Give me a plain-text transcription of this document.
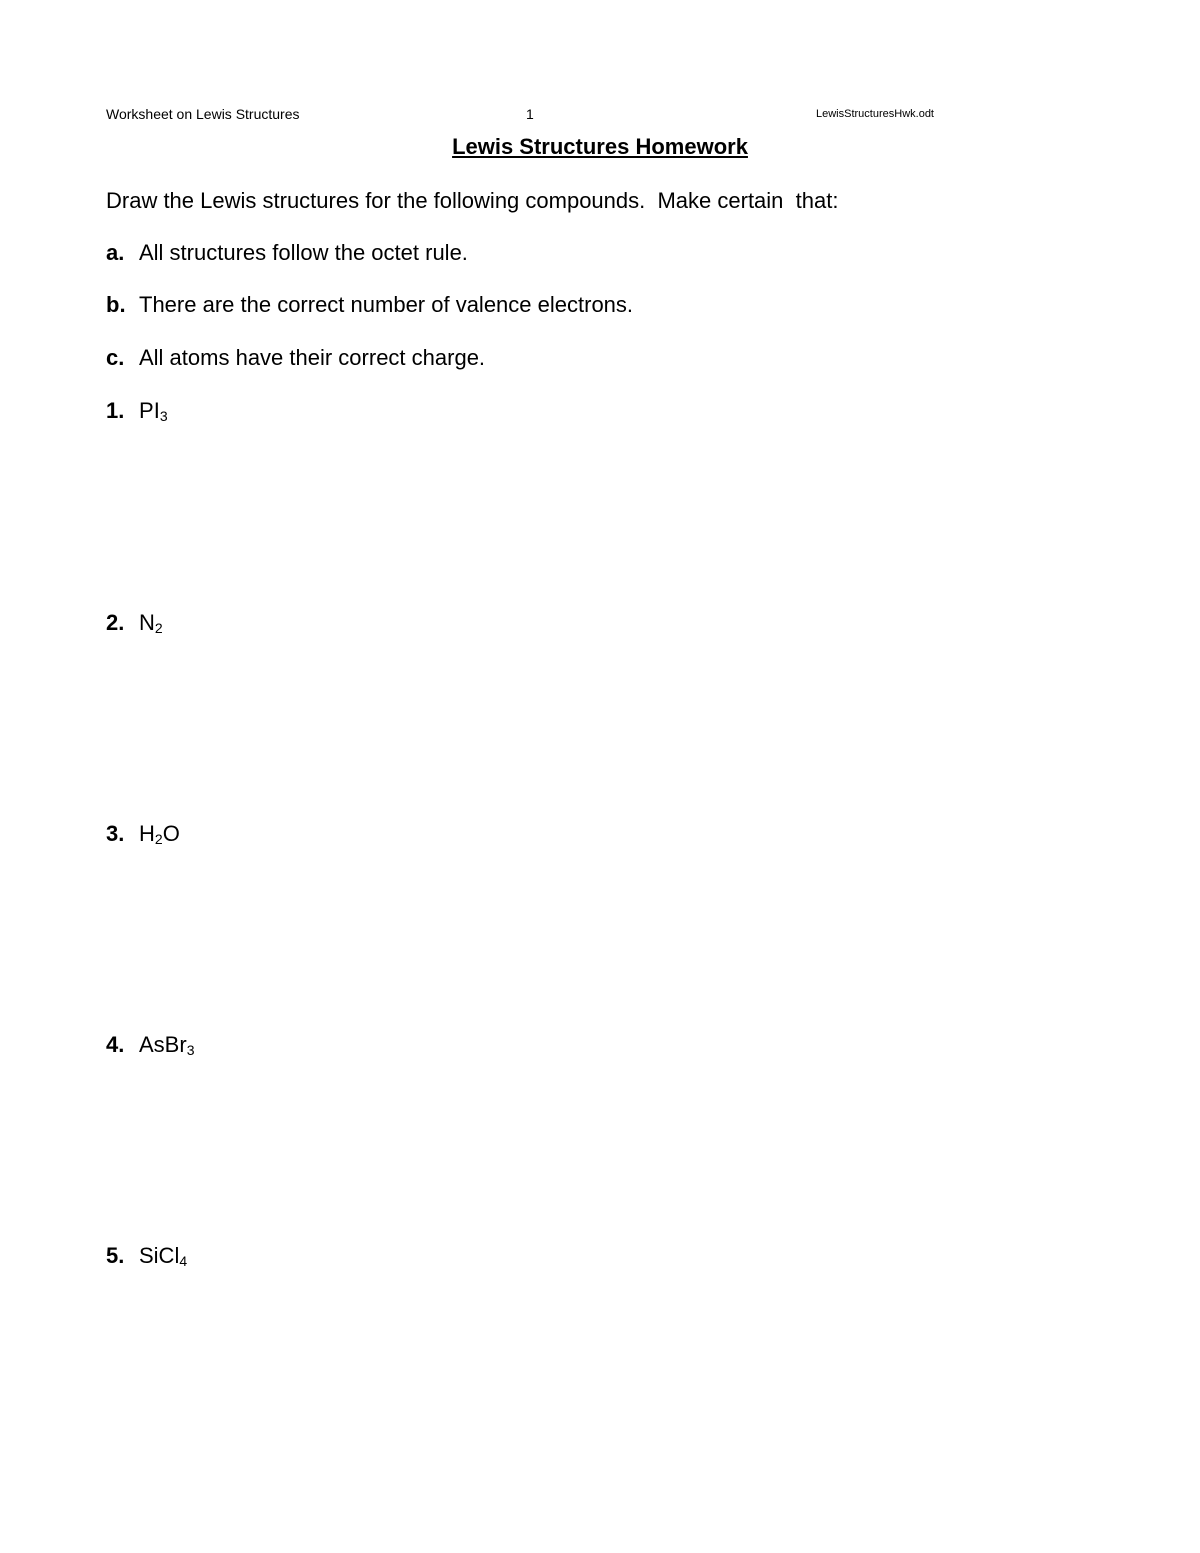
Worksheet on Lewis Structures	1	LewisStructuresHwk.odt
Lewis Structures Homework
Draw the Lewis structures for the following compounds.  Make certain  that:
a. All structures follow the octet rule.
b. There are the correct number of valence electrons.
c. All atoms have their correct charge.
1. $PI_3$
2. $N_2$
3. $H_2O$
4. AsBr$_3$
5. SiCl$_4$
